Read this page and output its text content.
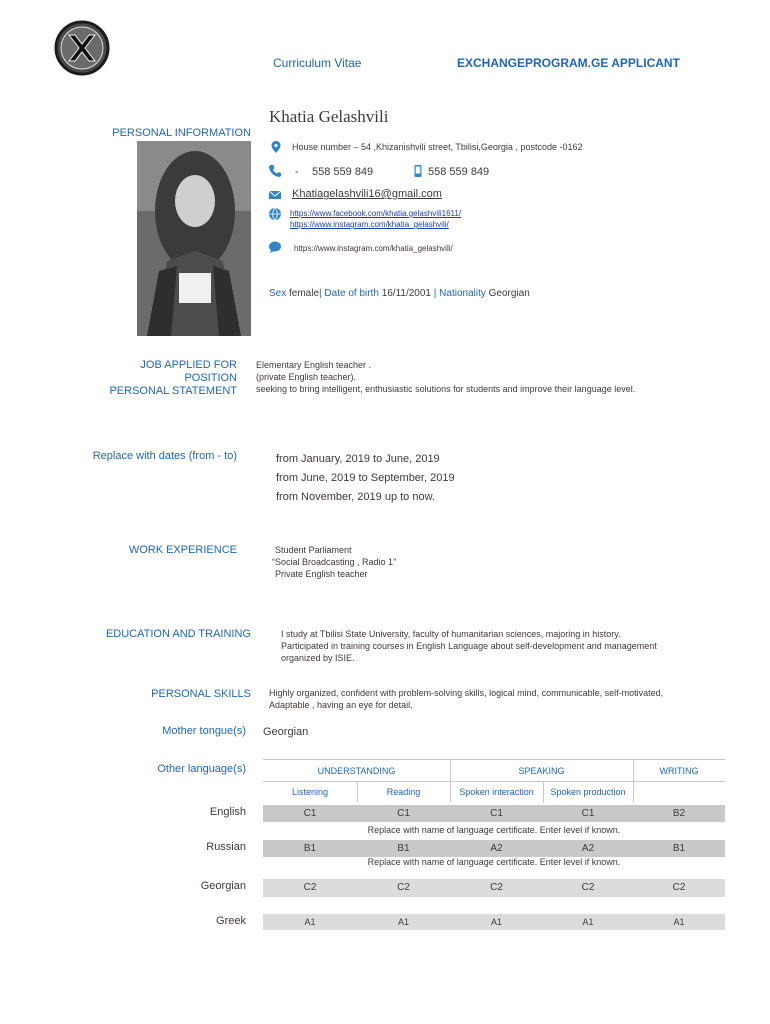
Curriculum Vitae	EXCHANGEPROGRAM.GE APPLICANT
PERSONAL INFORMATION
Khatia Gelashvili
House number – 54 ,Khizanishvili street, Tbilisi,Georgia , postcode -0162
- 558 559 849	558 559 849
Khatiagelashvili16@gmail.com
https://www.facebook.com/khatia.gelashvili1611/
https://www.instagram.com/khatia_gelashvili/
https://www.instagram.com/khatia_gelashvili/
Sex female| Date of birth 16/11/2001 | Nationality Georgian
JOB APPLIED FOR
POSITION
PERSONAL STATEMENT
Elementary English teacher .
(private English teacher).
seeking to bring intelligent, enthusiastic solutions for students and improve their language level.
Replace with dates (from - to)	from January, 2019 to June, 2019
from June, 2019 to September, 2019
from November, 2019 up to now.
WORK EXPERIENCE	Student Parliament
“Social Broadcasting , Radio 1”
Private English teacher
EDUCATION AND TRAINING	I study at Tbilisi State University, faculty of humanitarian sciences, majoring in history.
Participated in training courses in English Language about self-development and management
organized by ISIE.
PERSONAL SKILLS Highly organized, confident with problem-solving skills, logical mind, communicable, self-motivated,
Adaptable , having an eye for detail.
Mother tongue(s) Georgian
Other language(s)	UNDERSTANDING	SPEAKING	WRITING
Listening	Reading	Spoken interaction	Spoken production
English	C1	C1	C1	C1	B2
Replace with name of language certificate. Enter level if known.
Russian	B1	B1	A2	A2	B1
Replace with name of language certificate. Enter level if known.
Georgian	C2	C2	C2	C2	C2
Greek	A1	A1	A1	A1	A1
